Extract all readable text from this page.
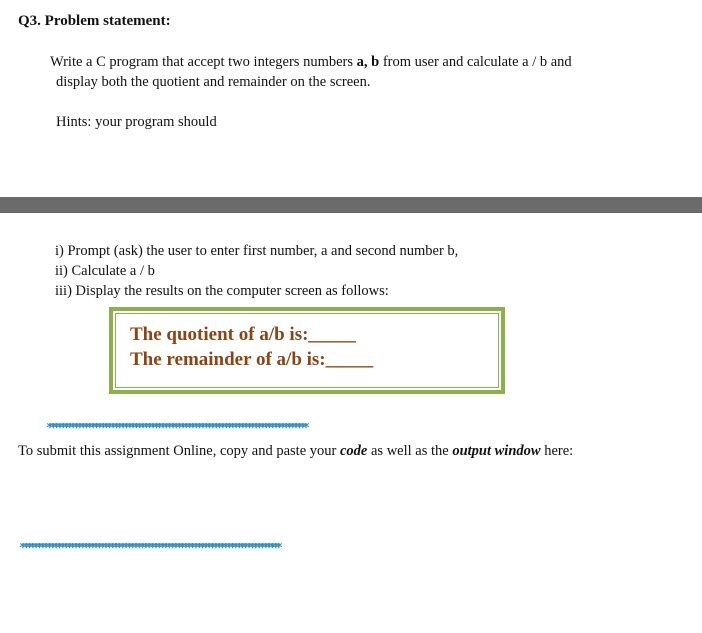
Q3. Problem statement:
Write a C program that accept two integers numbers a, b from user and calculate a / b and
display both the quotient and remainder on the screen.
Hints: your program should
i) Prompt (ask) the user to enter first number, a and second number b,
ii) Calculate a / b
iii) Display the results on the computer screen as follows:
The quotient of a/b is:_____
The remainder of a/b is:_____
******************************************************************************
To submit this assignment Online, copy and paste your code as well as the output window here:
******************************************************************************
